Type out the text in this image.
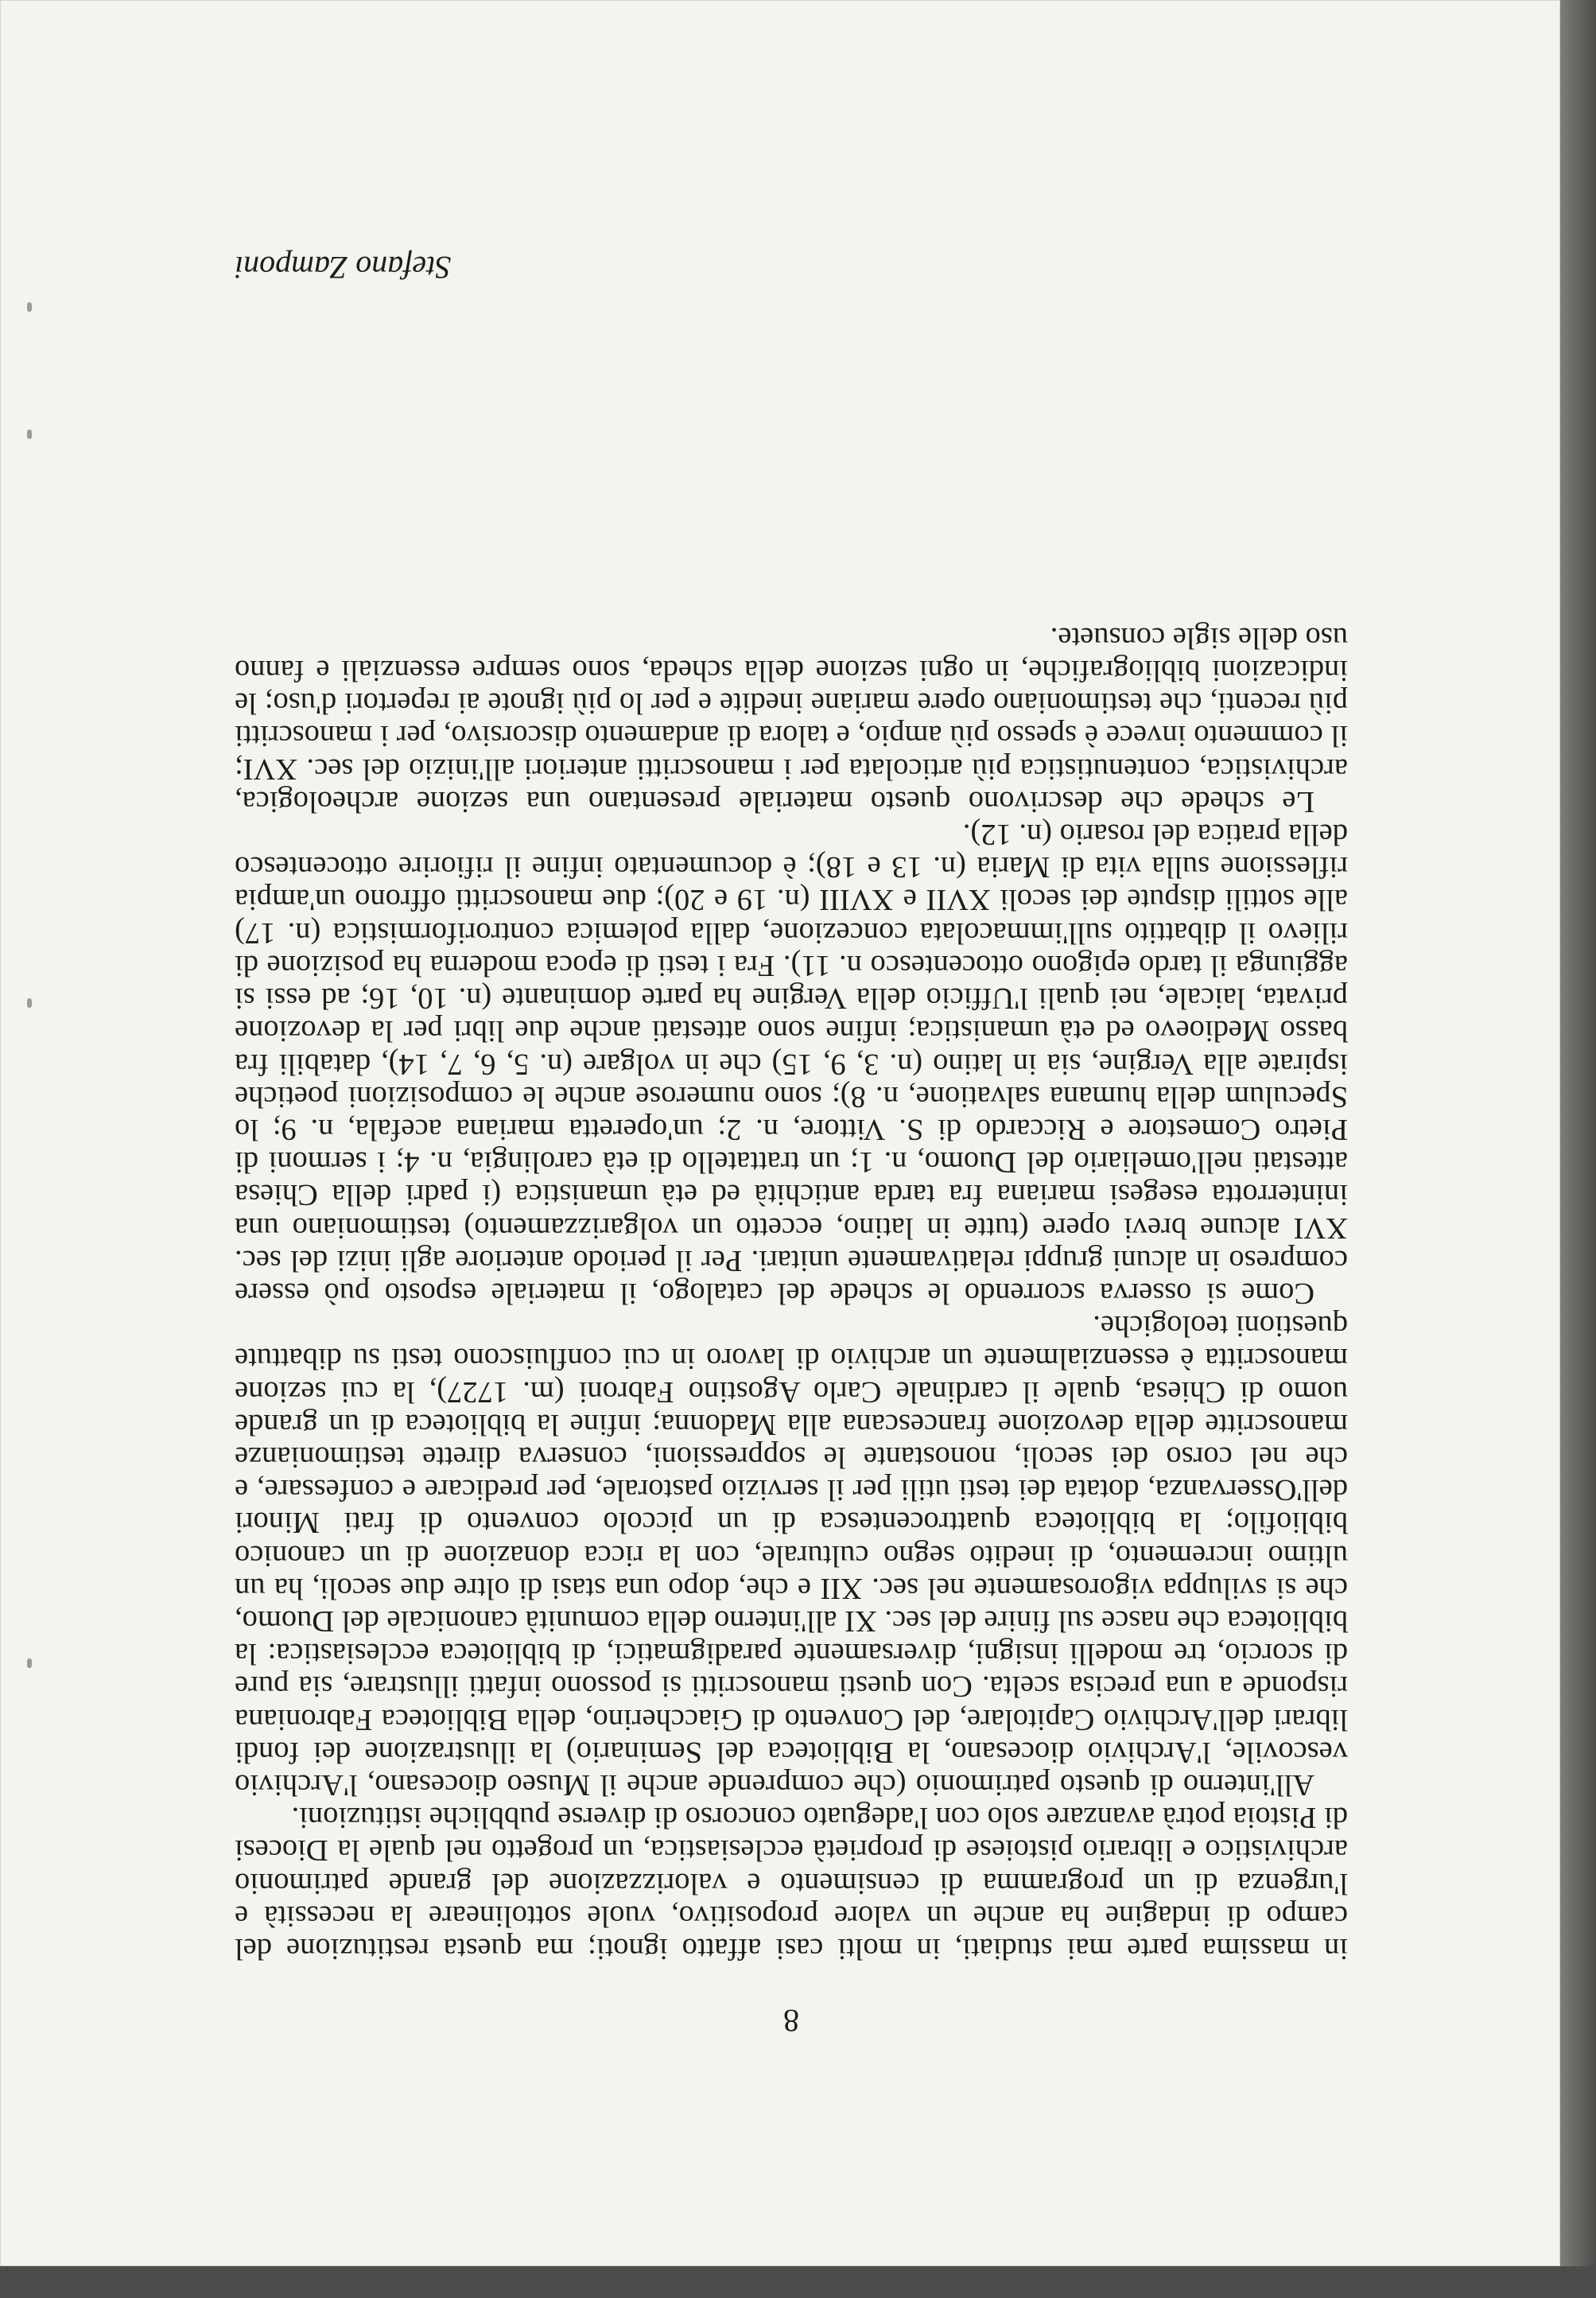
8

in massima parte mai studiati, in molti casi affatto ignoti; ma questa restituzione del campo di indagine ha anche un valore propositivo, vuole sottolineare la necessità e l'urgenza di un programma di censimento e valorizzazione del grande patrimonio archivistico e librario pistoiese di proprietà ecclesiastica, un progetto nel quale la Diocesi di Pistoia potrà avanzare solo con l'adeguato concorso di diverse pubbliche istituzioni.

All'interno di questo patrimonio (che comprende anche il Museo diocesano, l'Archivio vescovile, l'Archivio diocesano, la Biblioteca del Seminario) la illustrazione dei fondi librari dell'Archivio Capitolare, del Convento di Giaccherino, della Biblioteca Fabroniana risponde a una precisa scelta. Con questi manoscritti si possono infatti illustrare, sia pure di scorcio, tre modelli insigni, diversamente paradigmatici, di biblioteca ecclesiastica: la biblioteca che nasce sul finire del sec. XI all'interno della comunità canonicale del Duomo, che si sviluppa vigorosamente nel sec. XII e che, dopo una stasi di oltre due secoli, ha un ultimo incremento, di inedito segno culturale, con la ricca donazione di un canonico bibliofilo; la biblioteca quattrocentesca di un piccolo convento di frati Minori dell'Osservanza, dotata dei testi utili per il servizio pastorale, per predicare e confessare, e che nel corso dei secoli, nonostante le soppressioni, conserva dirette testimonianze manoscritte della devozione francescana alla Madonna; infine la biblioteca di un grande uomo di Chiesa, quale il cardinale Carlo Agostino Fabroni (m. 1727), la cui sezione manoscritta è essenzialmente un archivio di lavoro in cui confluiscono testi su dibattute questioni teologiche.

Come si osserva scorrendo le schede del catalogo, il materiale esposto può essere compreso in alcuni gruppi relativamente unitari. Per il periodo anteriore agli inizi del sec. XVI alcune brevi opere (tutte in latino, eccetto un volgarizzamento) testimoniano una ininterrotta esegesi mariana fra tarda antichità ed età umanistica (i padri della Chiesa attestati nell'omeliario del Duomo, n. 1; un trattatello di età carolingia, n. 4; i sermoni di Pietro Comestore e Riccardo di S. Vittore, n. 2; un'operetta mariana acefala, n. 9; lo Speculum della humana salvatione, n. 8); sono numerose anche le composizioni poetiche ispirate alla Vergine, sia in latino (n. 3, 9, 15) che in volgare (n. 5, 6, 7, 14), databili fra basso Medioevo ed età umanistica; infine sono attestati anche due libri per la devozione privata, laicale, nei quali l'Ufficio della Vergine ha parte dominante (n. 10, 16; ad essi si aggiunga il tardo epigono ottocentesco n. 11). Fra i testi di epoca moderna ha posizione di rilievo il dibattito sull'immacolata concezione, dalla polemica controriformistica (n. 17) alle sottili dispute dei secoli XVII e XVIII (n. 19 e 20); due manoscritti offrono un'ampia riflessione sulla vita di Maria (n. 13 e 18); è documentato infine il rifiorire ottocentesco della pratica del rosario (n. 12).

Le schede che descrivono questo materiale presentano una sezione archeologica, archivistica, contenutistica più articolata per i manoscritti anteriori all'inizio del sec. XVI; il commento invece è spesso più ampio, e talora di andamento discorsivo, per i manoscritti più recenti, che testimoniano opere mariane inedite e per lo più ignote ai repertori d'uso; le indicazioni bibliografiche, in ogni sezione della scheda, sono sempre essenziali e fanno uso delle sigle consuete.

Stefano Zamponi
